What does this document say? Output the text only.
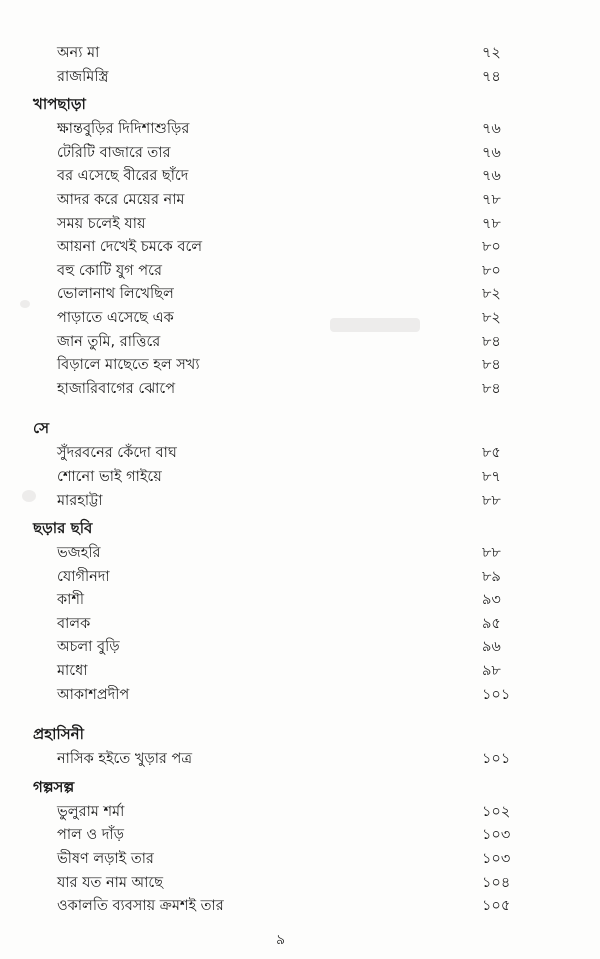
অন্য মা	৭২
রাজমিস্ত্রি	৭৪
খাপছাড়া
ক্ষান্তবুড়ির দিদিশাশুড়ির	৭৬
টেরিটি বাজারে তার	৭৬
বর এসেছে বীরের ছাঁদে	৭৬
আদর করে মেয়ের নাম	৭৮
সময় চলেই যায়	৭৮
আয়না দেখেই চমকে বলে	৮০
বহু কোটি যুগ পরে	৮০
ভোলানাথ লিখেছিল	৮২
পাড়াতে এসেছে এক	৮২
জান তুমি, রাত্তিরে	৮৪
বিড়ালে মাছেতে হল সখ্য	৮৪
হাজারিবাগের ঝোপে	৮৪
সে
সুঁদরবনের কেঁদো বাঘ	৮৫
শোনো ভাই গাইয়ে	৮৭
মারহাট্টা	৮৮
ছড়ার ছবি
ভজহরি	৮৮
যোগীনদা	৮৯
কাশী	৯৩
বালক	৯৫
অচলা বুড়ি	৯৬
মাধো	৯৮
আকাশপ্রদীপ	১০১
প্রহাসিনী
নাসিক হইতে খুড়ার পত্র	১০১
গল্পসল্প
ভুলুরাম শর্মা	১০২
পাল ও দাঁড়	১০৩
ভীষণ লড়াই তার	১০৩
যার যত নাম আছে	১০৪
ওকালতি ব্যবসায় ক্রমশই তার	১০৫
৯
